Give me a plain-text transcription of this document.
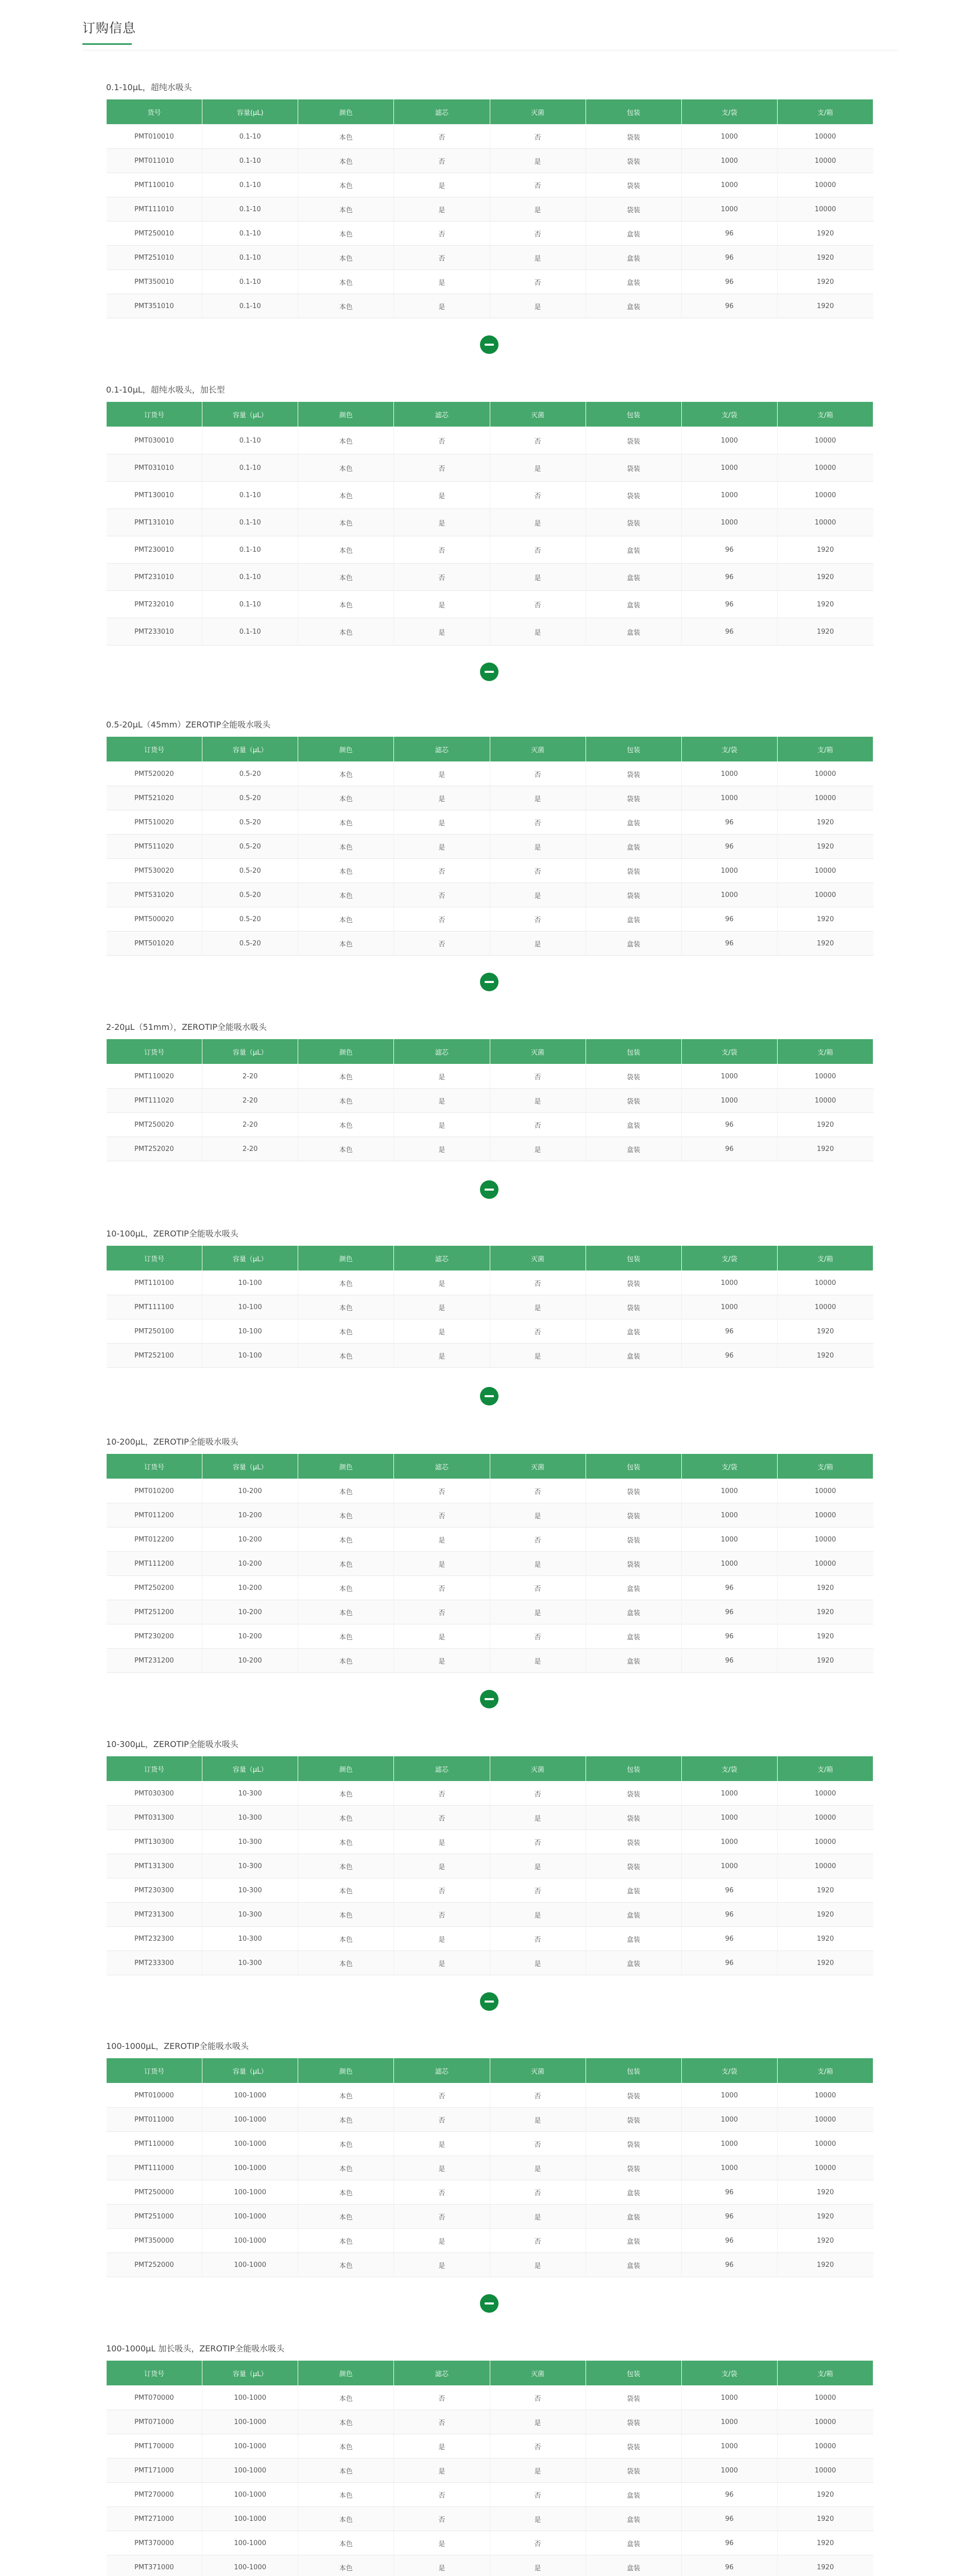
订购信息
0.1-10μL，超纯水吸头
货号	容量(μL)	颜色	滤芯	灭菌	包装	支/袋	支/箱
PMT010010	0.1-10	本色	否	否	袋装	1000	10000
PMT011010	0.1-10	本色	否	是	袋装	1000	10000
PMT110010	0.1-10	本色	是	否	袋装	1000	10000
PMT111010	0.1-10	本色	是	是	袋装	1000	10000
PMT250010	0.1-10	本色	否	否	盒装	96	1920
PMT251010	0.1-10	本色	否	是	盒装	96	1920
PMT350010	0.1-10	本色	是	否	盒装	96	1920
PMT351010	0.1-10	本色	是	是	盒装	96	1920
0.1-10μL，超纯水吸头，加长型
订货号	容量（μL）	颜色	滤芯	灭菌	包装	支/袋	支/箱
PMT030010	0.1-10	本色	否	否	袋装	1000	10000
PMT031010	0.1-10	本色	否	是	袋装	1000	10000
PMT130010	0.1-10	本色	是	否	袋装	1000	10000
PMT131010	0.1-10	本色	是	是	袋装	1000	10000
PMT230010	0.1-10	本色	否	否	盒装	96	1920
PMT231010	0.1-10	本色	否	是	盒装	96	1920
PMT232010	0.1-10	本色	是	否	盒装	96	1920
PMT233010	0.1-10	本色	是	是	盒装	96	1920
0.5-20μL（45mm）ZEROTIP全能吸水吸头
订货号	容量（μL）	颜色	滤芯	灭菌	包装	支/袋	支/箱
PMT520020	0.5-20	本色	是	否	袋装	1000	10000
PMT521020	0.5-20	本色	是	是	袋装	1000	10000
PMT510020	0.5-20	本色	是	否	盒装	96	1920
PMT511020	0.5-20	本色	是	是	盒装	96	1920
PMT530020	0.5-20	本色	否	否	袋装	1000	10000
PMT531020	0.5-20	本色	否	是	袋装	1000	10000
PMT500020	0.5-20	本色	否	否	盒装	96	1920
PMT501020	0.5-20	本色	否	是	盒装	96	1920
2-20μL（51mm），ZEROTIP全能吸水吸头
订货号	容量（μL）	颜色	滤芯	灭菌	包装	支/袋	支/箱
PMT110020	2-20	本色	是	否	袋装	1000	10000
PMT111020	2-20	本色	是	是	袋装	1000	10000
PMT250020	2-20	本色	是	否	盒装	96	1920
PMT252020	2-20	本色	是	是	盒装	96	1920
10-100μL，ZEROTIP全能吸水吸头
订货号	容量（μL）	颜色	滤芯	灭菌	包装	支/袋	支/箱
PMT110100	10-100	本色	是	否	袋装	1000	10000
PMT111100	10-100	本色	是	是	袋装	1000	10000
PMT250100	10-100	本色	是	否	盒装	96	1920
PMT252100	10-100	本色	是	是	盒装	96	1920
10-200μL，ZEROTIP全能吸水吸头
订货号	容量（μL）	颜色	滤芯	灭菌	包装	支/袋	支/箱
PMT010200	10-200	本色	否	否	袋装	1000	10000
PMT011200	10-200	本色	否	是	袋装	1000	10000
PMT012200	10-200	本色	是	否	袋装	1000	10000
PMT111200	10-200	本色	是	是	袋装	1000	10000
PMT250200	10-200	本色	否	否	盒装	96	1920
PMT251200	10-200	本色	否	是	盒装	96	1920
PMT230200	10-200	本色	是	否	盒装	96	1920
PMT231200	10-200	本色	是	是	盒装	96	1920
10-300μL，ZEROTIP全能吸水吸头
订货号	容量（μL）	颜色	滤芯	灭菌	包装	支/袋	支/箱
PMT030300	10-300	本色	否	否	袋装	1000	10000
PMT031300	10-300	本色	否	是	袋装	1000	10000
PMT130300	10-300	本色	是	否	袋装	1000	10000
PMT131300	10-300	本色	是	是	袋装	1000	10000
PMT230300	10-300	本色	否	否	盒装	96	1920
PMT231300	10-300	本色	否	是	盒装	96	1920
PMT232300	10-300	本色	是	否	盒装	96	1920
PMT233300	10-300	本色	是	是	盒装	96	1920
100-1000μL，ZEROTIP全能吸水吸头
订货号	容量（μL）	颜色	滤芯	灭菌	包装	支/袋	支/箱
PMT010000	100-1000	本色	否	否	袋装	1000	10000
PMT011000	100-1000	本色	否	是	袋装	1000	10000
PMT110000	100-1000	本色	是	否	袋装	1000	10000
PMT111000	100-1000	本色	是	是	袋装	1000	10000
PMT250000	100-1000	本色	否	否	盒装	96	1920
PMT251000	100-1000	本色	否	是	盒装	96	1920
PMT350000	100-1000	本色	是	否	盒装	96	1920
PMT252000	100-1000	本色	是	是	盒装	96	1920
100-1000μL 加长吸头，ZEROTIP全能吸水吸头
订货号	容量（μL）	颜色	滤芯	灭菌	包装	支/袋	支/箱
PMT070000	100-1000	本色	否	否	袋装	1000	10000
PMT071000	100-1000	本色	否	是	袋装	1000	10000
PMT170000	100-1000	本色	是	否	袋装	1000	10000
PMT171000	100-1000	本色	是	是	袋装	1000	10000
PMT270000	100-1000	本色	否	否	盒装	96	1920
PMT271000	100-1000	本色	否	是	盒装	96	1920
PMT370000	100-1000	本色	是	否	盒装	96	1920
PMT371000	100-1000	本色	是	是	盒装	96	1920
